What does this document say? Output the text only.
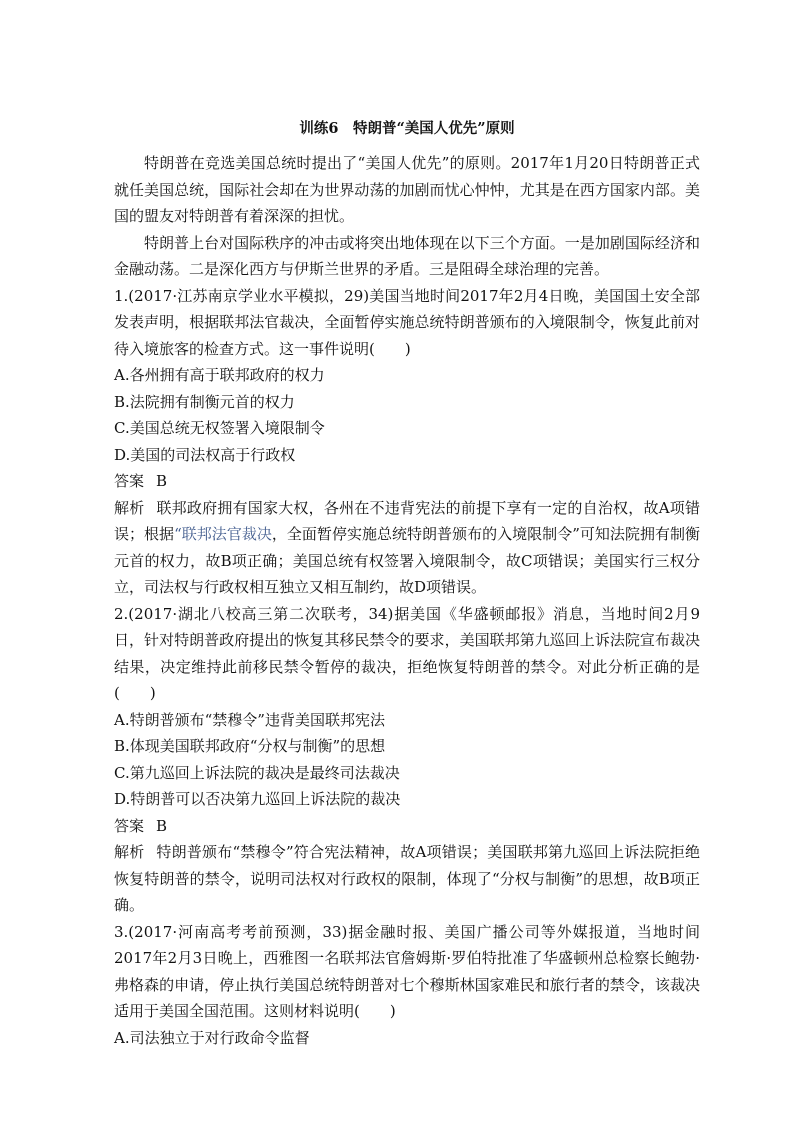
训练6　特朗普“美国人优先”原则

特朗普在竞选美国总统时提出了“美国人优先”的原则。2017年1月20日特朗普正式就任美国总统，国际社会却在为世界动荡的加剧而忧心忡忡，尤其是在西方国家内部。美国的盟友对特朗普有着深深的担忧。

特朗普上台对国际秩序的冲击或将突出地体现在以下三个方面。一是加剧国际经济和金融动荡。二是深化西方与伊斯兰世界的矛盾。三是阻碍全球治理的完善。

1.(2017·江苏南京学业水平模拟，29)美国当地时间2017年2月4日晚，美国国土安全部发表声明，根据联邦法官裁决，全面暂停实施总统特朗普颁布的入境限制令，恢复此前对待入境旅客的检查方式。这一事件说明(　　)

A.各州拥有高于联邦政府的权力

B.法院拥有制衡元首的权力

C.美国总统无权签署入境限制令

D.美国的司法权高于行政权

答案 B

解析 联邦政府拥有国家大权，各州在不违背宪法的前提下享有一定的自治权，故A项错误；根据“联邦法官裁决，全面暂停实施总统特朗普颁布的入境限制令”可知法院拥有制衡元首的权力，故B项正确；美国总统有权签署入境限制令，故C项错误；美国实行三权分立，司法权与行政权相互独立又相互制约，故D项错误。

2.(2017·湖北八校高三第二次联考，34)据美国《华盛顿邮报》消息，当地时间2月9日，针对特朗普政府提出的恢复其移民禁令的要求，美国联邦第九巡回上诉法院宣布裁决结果，决定维持此前移民禁令暂停的裁决，拒绝恢复特朗普的禁令。对此分析正确的是(　　)

A.特朗普颁布“禁穆令”违背美国联邦宪法

B.体现美国联邦政府“分权与制衡”的思想

C.第九巡回上诉法院的裁决是最终司法裁决

D.特朗普可以否决第九巡回上诉法院的裁决

答案 B

解析 特朗普颁布“禁穆令”符合宪法精神，故A项错误；美国联邦第九巡回上诉法院拒绝恢复特朗普的禁令，说明司法权对行政权的限制，体现了“分权与制衡”的思想，故B项正确。

3.(2017·河南高考考前预测，33)据金融时报、美国广播公司等外媒报道，当地时间2017年2月3日晚上，西雅图一名联邦法官詹姆斯·罗伯特批准了华盛顿州总检察长鲍勃·弗格森的申请，停止执行美国总统特朗普对七个穆斯林国家难民和旅行者的禁令，该裁决适用于美国全国范围。这则材料说明(　　)

A.司法独立于对行政命令监督
